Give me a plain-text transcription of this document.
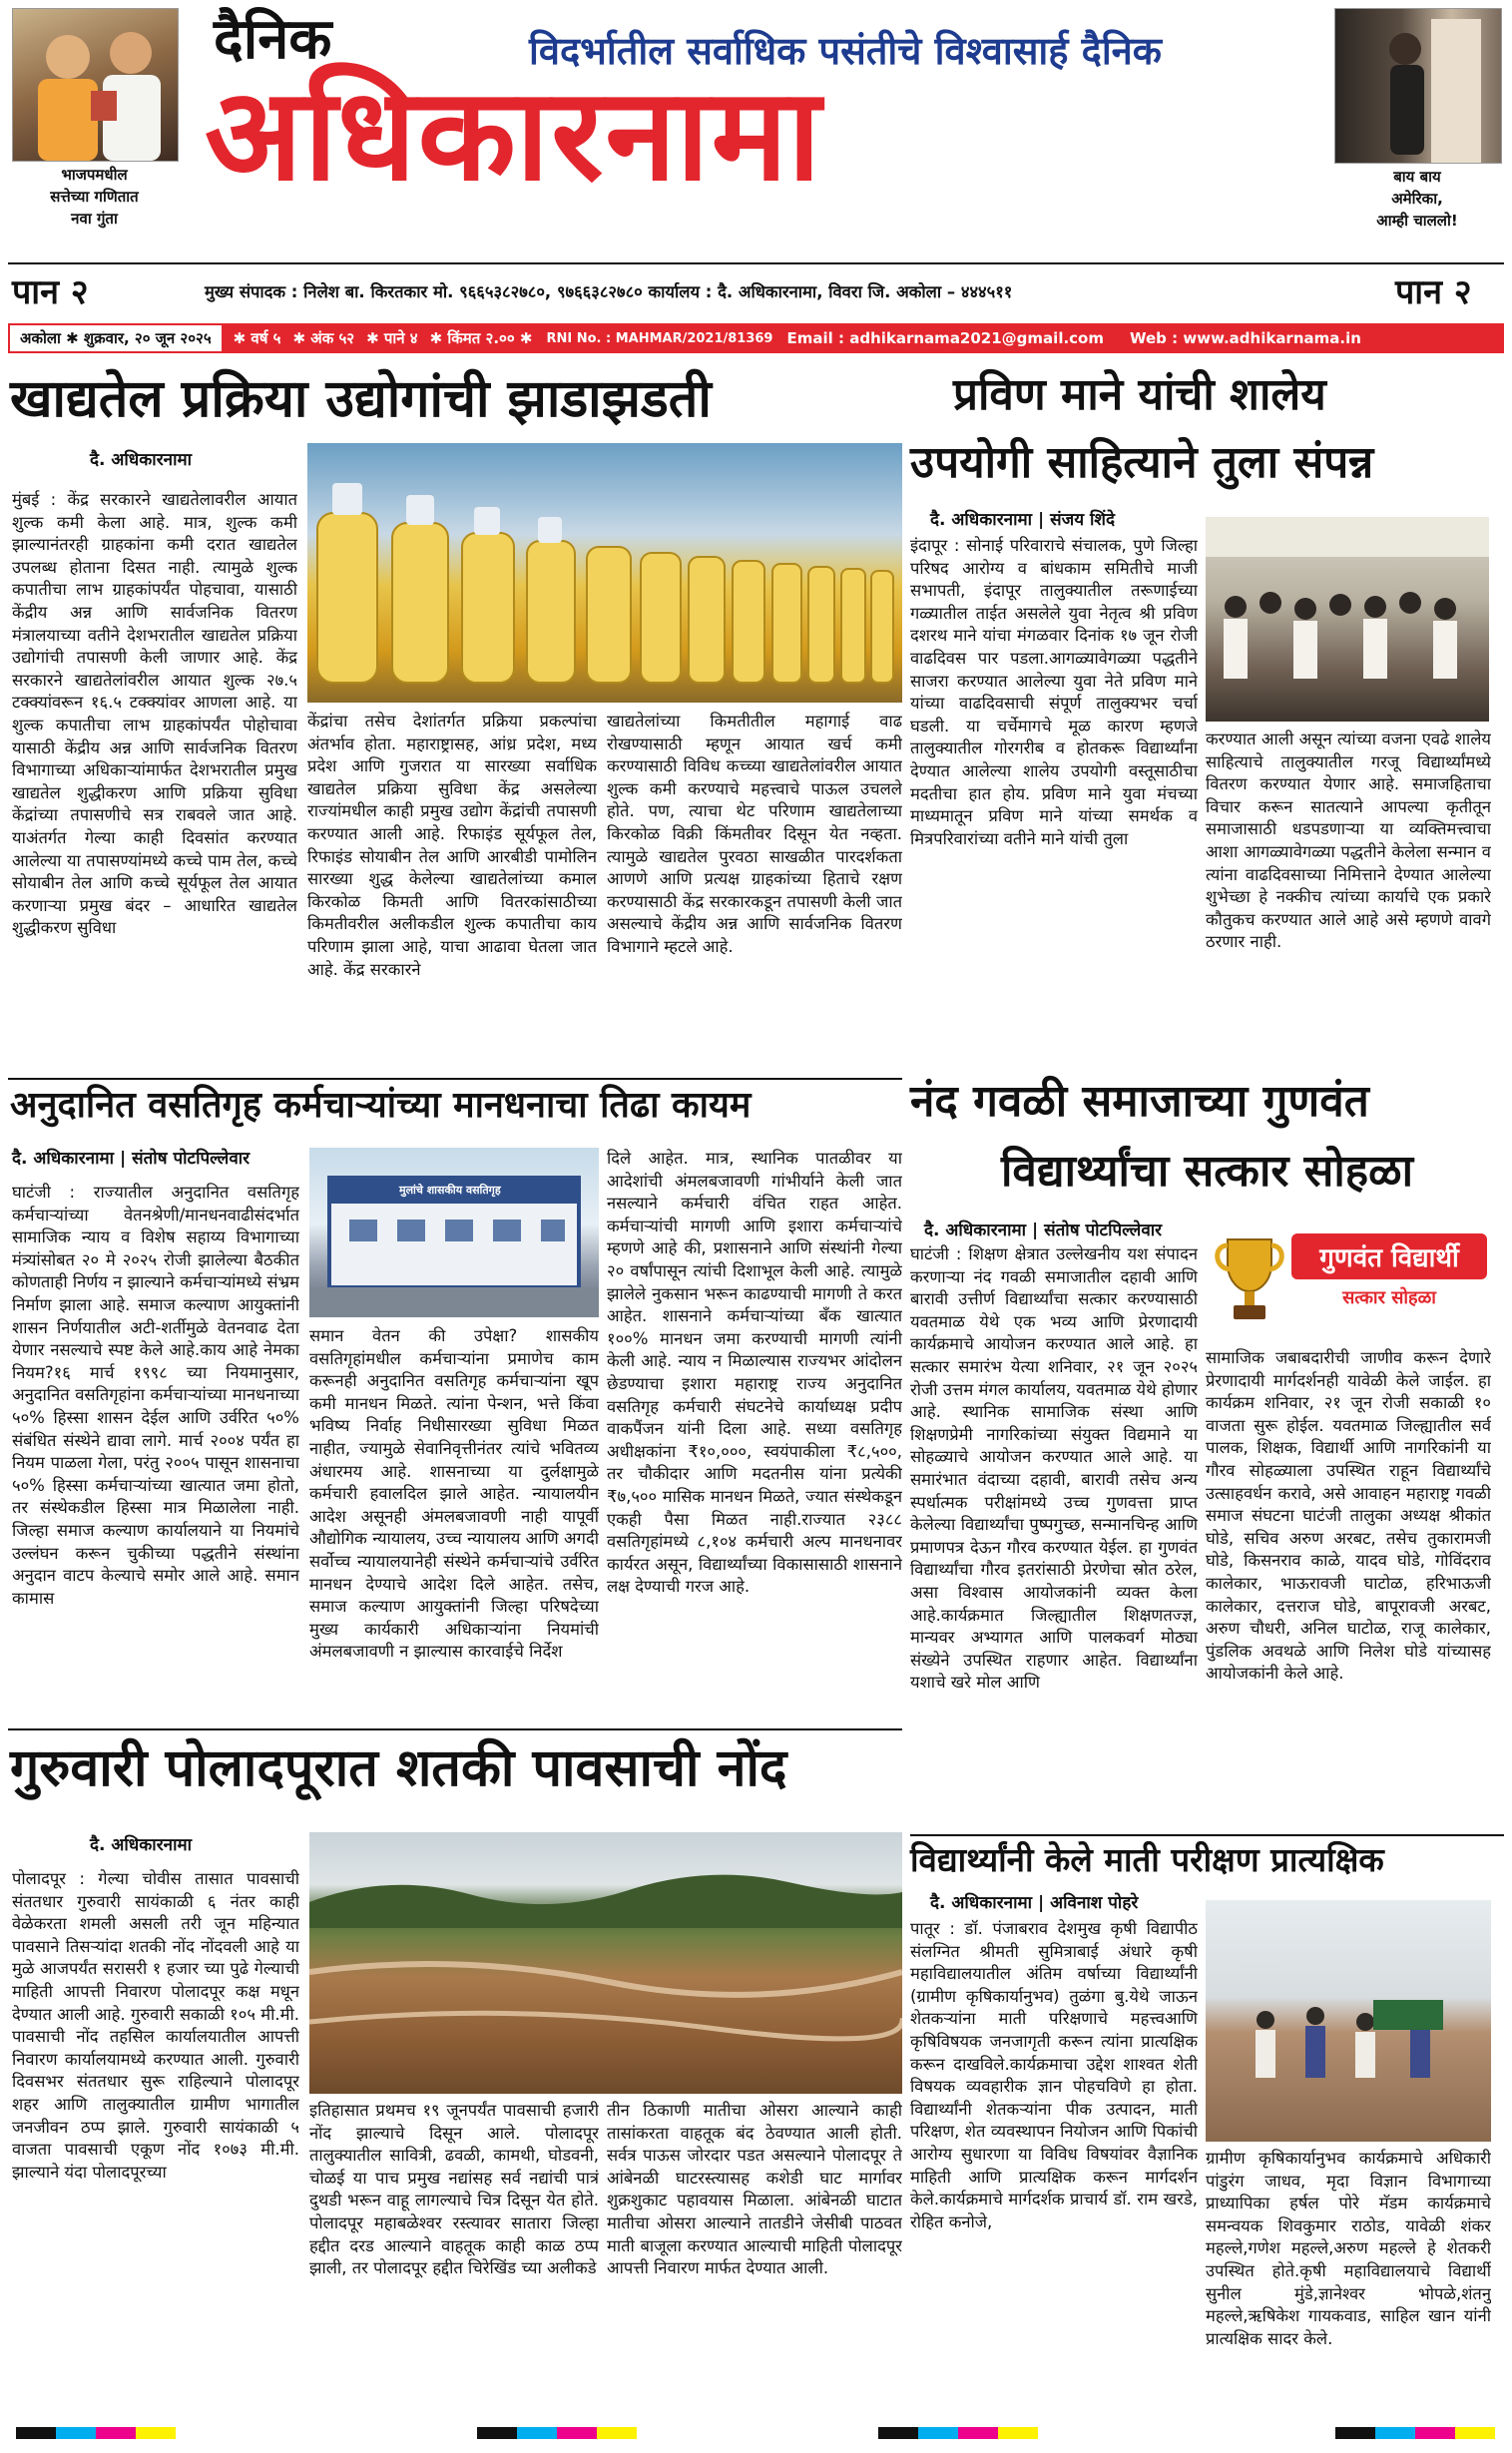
भाजपमधील
सत्तेच्या गणितात
नवा गुंता
दैनिक	विदर्भातील सर्वाधिक पसंतीचे विश्वासार्ह दैनिक
अधिकारनामा	बाय बाय
अमेरिका,
आम्ही चाललो!
पान २	मुख्य संपादक : निलेश बा. किरतकार मो. ९६६५३८२७८०, ९७६६३८२७८० कार्यालय : दै. अधिकारनामा, विवरा जि. अकोला – ४४४५११	पान २
अकोला ✱ शुक्रवार, २० जून २०२५	✱ वर्ष ५ ✱ अंक ५२ ✱ पाने ४ ✱ किंमत २.०० ✱ RNI No. : MAHMAR/2021/81369 Email : adhikarnama2021@gmail.com Web : www.adhikarnama.in
खाद्यतेल प्रक्रिया उद्योगांची झाडाझडती
दै. अधिकारनामा
मुंबई : केंद्र सरकारने खाद्यतेलावरील आयात शुल्क कमी केला आहे. मात्र, शुल्क कमी झाल्यानंतरही ग्राहकांना कमी दरात खाद्यतेल उपलब्ध होताना दिसत नाही. त्यामुळे शुल्क कपातीचा लाभ ग्राहकांपर्यंत पोहचावा, यासाठी केंद्रीय अन्न आणि सार्वजनिक वितरण मंत्रालयाच्या वतीने देशभरातील खाद्यतेल प्रक्रिया उद्योगांची तपासणी केली जाणार आहे. केंद्र सरकारने खाद्यतेलांवरील आयात शुल्क २७.५ टक्क्यांवरून १६.५ टक्क्यांवर आणला आहे. या शुल्क कपातीचा लाभ ग्राहकांपर्यंत पोहोचावा यासाठी केंद्रीय अन्न आणि सार्वजनिक वितरण विभागाच्या अधिकाऱ्यांमार्फत देशभरातील प्रमुख खाद्यतेल शुद्धीकरण आणि प्रक्रिया सुविधा केंद्रांच्या तपासणीचे सत्र राबवले जात आहे. याअंतर्गत गेल्या काही दिवसांत करण्यात आलेल्या या तपासण्यांमध्ये कच्चे पाम तेल, कच्चे सोयाबीन तेल आणि कच्चे सूर्यफूल तेल आयात करणाऱ्या प्रमुख बंदर – आधारित खाद्यतेल शुद्धीकरण सुविधा
केंद्रांचा तसेच देशांतर्गत प्रक्रिया प्रकल्पांचा अंतर्भाव होता. महाराष्ट्रासह, आंध्र प्रदेश, मध्य प्रदेश आणि गुजरात या सारख्या सर्वाधिक खाद्यतेल प्रक्रिया सुविधा केंद्र असलेल्या राज्यांमधील काही प्रमुख उद्योग केंद्रांची तपासणी करण्यात आली आहे. रिफाइंड सूर्यफूल तेल, रिफाइंड सोयाबीन तेल आणि आरबीडी पामोलिन सारख्या शुद्ध केलेल्या खाद्यतेलांच्या कमाल किरकोळ किमती आणि वितरकांसाठीच्या किमतीवरील अलीकडील शुल्क कपातीचा काय परिणाम झाला आहे, याचा आढावा घेतला जात आहे. केंद्र सरकारने
खाद्यतेलांच्या किमतीतील महागाई वाढ रोखण्यासाठी म्हणून आयात खर्च कमी करण्यासाठी विविध कच्च्या खाद्यतेलांवरील आयात शुल्क कमी करण्याचे महत्त्वाचे पाऊल उचलले होते. पण, त्याचा थेट परिणाम खाद्यतेलाच्या किरकोळ विक्री किंमतीवर दिसून येत नव्हता. त्यामुळे खाद्यतेल पुरवठा साखळीत पारदर्शकता आणणे आणि प्रत्यक्ष ग्राहकांच्या हिताचे रक्षण करण्यासाठी केंद्र सरकारकडून तपासणी केली जात असल्याचे केंद्रीय अन्न आणि सार्वजनिक वितरण विभागाने म्हटले आहे.
प्रविण माने यांची शालेय
उपयोगी साहित्याने तुला संपन्न
दै. अधिकारनामा | संजय शिंदे
इंदापूर : सोनाई परिवाराचे संचालक, पुणे जिल्हा परिषद आरोग्य व बांधकाम समितीचे माजी सभापती, इंदापूर तालुक्यातील तरूणाईच्या गळ्यातील ताईत असलेले युवा नेतृत्व श्री प्रविण दशरथ माने यांचा मंगळवार दिनांक १७ जून रोजी वाढदिवस पार पडला.आगळ्यावेगळ्या पद्धतीने साजरा करण्यात आलेल्या युवा नेते प्रविण माने यांच्या वाढदिवसाची संपूर्ण तालुक्यभर चर्चा घडली. या चर्चेमागचे मूळ कारण म्हणजे तालुक्यातील गोरगरीब व होतकरू विद्यार्थ्यांना देण्यात आलेल्या शालेय उपयोगी वस्तूसाठीचा मदतीचा हात होय. प्रविण माने युवा मंचच्या माध्यमातून प्रविण माने यांच्या समर्थक व मित्रपरिवारांच्या वतीने माने यांची तुला
करण्यात आली असून त्यांच्या वजना एवढे शालेय साहित्याचे तालुक्यातील गरजू विद्यार्थ्यांमध्ये वितरण करण्यात येणार आहे. समाजहिताचा विचार करून सातत्याने आपल्या कृतीतून समाजासाठी धडपडणाऱ्या या व्यक्तिमत्त्वाचा आशा आगळ्यावेगळ्या पद्धतीने केलेला सन्मान व त्यांना वाढदिवसाच्या निमित्ताने देण्यात आलेल्या शुभेच्छा हे नक्कीच त्यांच्या कार्याचे एक प्रकारे कौतुकच करण्यात आले आहे असे म्हणणे वावगे ठरणार नाही.
अनुदानित वसतिगृह कर्मचाऱ्यांच्या मानधनाचा तिढा कायम
दै. अधिकारनामा | संतोष पोटपिल्लेवार
मुलांचे शासकीय वसतिगृह
घाटंजी : राज्यातील अनुदानित वसतिगृह कर्मचाऱ्यांच्या वेतनश्रेणी/मानधनवाढीसंदर्भात सामाजिक न्याय व विशेष सहाय्य विभागाच्या मंत्र्यांसोबत २० मे २०२५ रोजी झालेल्या बैठकीत कोणताही निर्णय न झाल्याने कर्मचाऱ्यांमध्ये संभ्रम निर्माण झाला आहे. समाज कल्याण आयुक्तांनी शासन निर्णयातील अटी-शर्तीमुळे वेतनवाढ देता येणार नसल्याचे स्पष्ट केले आहे.काय आहे नेमका नियम?१६ मार्च १९९८ च्या नियमानुसार, अनुदानित वसतिगृहांना कर्मचाऱ्यांच्या मानधनाच्या ५०% हिस्सा शासन देईल आणि उर्वरित ५०% संबंधित संस्थेने द्यावा लागे. मार्च २००४ पर्यंत हा नियम पाळला गेला, परंतु २००५ पासून शासनाचा ५०% हिस्सा कर्मचाऱ्यांच्या खात्यात जमा होतो, तर संस्थेकडील हिस्सा मात्र मिळालेला नाही. जिल्हा समाज कल्याण कार्यालयाने या नियमांचे उल्लंघन करून चुकीच्या पद्धतीने संस्थांना अनुदान वाटप केल्याचे समोर आले आहे. समान कामास
समान वेतन की उपेक्षा? शासकीय वसतिगृहांमधील कर्मचाऱ्यांना प्रमाणेच काम करूनही अनुदानित वसतिगृह कर्मचाऱ्यांना खूप कमी मानधन मिळते. त्यांना पेन्शन, भत्ते किंवा भविष्य निर्वाह निधीसारख्या सुविधा मिळत नाहीत, ज्यामुळे सेवानिवृत्तीनंतर त्यांचे भवितव्य अंधारमय आहे. शासनाच्या या दुर्लक्षामुळे कर्मचारी हवालदिल झाले आहेत. न्यायालयीन आदेश असूनही अंमलबजावणी नाही यापूर्वी औद्योगिक न्यायालय, उच्च न्यायालय आणि अगदी सर्वोच्च न्यायालयानेही संस्थेने कर्मचाऱ्यांचे उर्वरित मानधन देण्याचे आदेश दिले आहेत. तसेच, समाज कल्याण आयुक्तांनी जिल्हा परिषदेच्या मुख्य कार्यकारी अधिकाऱ्यांना नियमांची अंमलबजावणी न झाल्यास कारवाईचे निर्देश
दिले आहेत. मात्र, स्थानिक पातळीवर या आदेशांची अंमलबजावणी गांभीर्याने केली जात नसल्याने कर्मचारी वंचित राहत आहेत. कर्मचाऱ्यांची मागणी आणि इशारा कर्मचाऱ्यांचे म्हणणे आहे की, प्रशासनाने आणि संस्थांनी गेल्या २० वर्षांपासून त्यांची दिशाभूल केली आहे. त्यामुळे झालेले नुकसान भरून काढण्याची मागणी ते करत आहेत. शासनाने कर्मचाऱ्यांच्या बँक खात्यात १००% मानधन जमा करण्याची मागणी त्यांनी केली आहे. न्याय न मिळाल्यास राज्यभर आंदोलन छेडण्याचा इशारा महाराष्ट्र राज्य अनुदानित वसतिगृह कर्मचारी संघटनेचे कार्याध्यक्ष प्रदीप वाकपैंजन यांनी दिला आहे. सध्या वसतिगृह अधीक्षकांना ₹१०,०००, स्वयंपाकीला ₹८,५००, तर चौकीदार आणि मदतनीस यांना प्रत्येकी ₹७,५०० मासिक मानधन मिळते, ज्यात संस्थेकडून एकही पैसा मिळत नाही.राज्यात २३८८ वसतिगृहांमध्ये ८,१०४ कर्मचारी अल्प मानधनावर कार्यरत असून, विद्यार्थ्यांच्या विकासासाठी शासनाने लक्ष देण्याची गरज आहे.
नंद गवळी समाजाच्या गुणवंत
विद्यार्थ्यांचा सत्कार सोहळा
दै. अधिकारनामा | संतोष पोटपिल्लेवार
गुणवंत विद्यार्थी
सत्कार सोहळा
घाटंजी : शिक्षण क्षेत्रात उल्लेखनीय यश संपादन करणाऱ्या नंद गवळी समाजातील दहावी आणि बारावी उत्तीर्ण विद्यार्थ्यांचा सत्कार करण्यासाठी यवतमाळ येथे एक भव्य आणि प्रेरणादायी कार्यक्रमाचे आयोजन करण्यात आले आहे. हा सत्कार समारंभ येत्या शनिवार, २१ जून २०२५ रोजी उत्तम मंगल कार्यालय, यवतमाळ येथे होणार आहे. स्थानिक सामाजिक संस्था आणि शिक्षणप्रेमी नागरिकांच्या संयुक्त विद्यमाने या सोहळ्याचे आयोजन करण्यात आले आहे. या समारंभात वंदाच्या दहावी, बारावी तसेच अन्य स्पर्धात्मक परीक्षांमध्ये उच्च गुणवत्ता प्राप्त केलेल्या विद्यार्थ्यांचा पुष्पगुच्छ, सन्मानचिन्ह आणि प्रमाणपत्र देऊन गौरव करण्यात येईल. हा गुणवंत विद्यार्थ्यांचा गौरव इतरांसाठी प्रेरणेचा स्रोत ठरेल, असा विश्वास आयोजकांनी व्यक्त केला आहे.कार्यक्रमात जिल्ह्यातील शिक्षणतज्ज्ञ, मान्यवर अभ्यागत आणि पालकवर्ग मोठ्या संख्येने उपस्थित राहणार आहेत. विद्यार्थ्यांना यशाचे खरे मोल आणि
सामाजिक जबाबदारीची जाणीव करून देणारे प्रेरणादायी मार्गदर्शनही यावेळी केले जाईल. हा कार्यक्रम शनिवार, २१ जून रोजी सकाळी १० वाजता सुरू होईल. यवतमाळ जिल्ह्यातील सर्व पालक, शिक्षक, विद्यार्थी आणि नागरिकांनी या गौरव सोहळ्याला उपस्थित राहून विद्यार्थ्यांचे उत्साहवर्धन करावे, असे आवाहन महाराष्ट्र गवळी समाज संघटना घाटंजी तालुका अध्यक्ष श्रीकांत घोडे, सचिव अरुण अरबट, तसेच तुकारामजी घोडे, किसनराव काळे, यादव घोडे, गोविंदराव कालेकार, भाऊरावजी घाटोळ, हरिभाऊजी कालेकार, दत्तराज घोडे, बापूरावजी अरबट, अरुण चौधरी, अनिल घाटोळ, राजू कालेकार, पुंडलिक अवथळे आणि निलेश घोडे यांच्यासह आयोजकांनी केले आहे.
गुरुवारी पोलादपूरात शतकी पावसाची नोंद
दै. अधिकारनामा
पोलादपूर : गेल्या चोवीस तासात पावसाची संततधार गुरुवारी सायंकाळी ६ नंतर काही वेळेकरता शमली असली तरी जून महिन्यात पावसाने तिसऱ्यांदा शतकी नोंद नोंदवली आहे या मुळे आजपर्यंत सरासरी १ हजार च्या पुढे गेल्याची माहिती आपत्ती निवारण पोलादपूर कक्ष मधून देण्यात आली आहे. गुरुवारी सकाळी १०५ मी.मी. पावसाची नोंद तहसिल कार्यालयातील आपत्ती निवारण कार्यालयामध्ये करण्यात आली. गुरुवारी दिवसभर संततधार सुरू राहिल्याने पोलादपूर शहर आणि तालुक्यातील ग्रामीण भागातील जनजीवन ठप्प झाले. गुरुवारी सायंकाळी ५ वाजता पावसाची एकूण नोंद १०७३ मी.मी. झाल्याने यंदा पोलादपूरच्या
इतिहासात प्रथमच १९ जूनपर्यंत पावसाची हजारी नोंद झाल्याचे दिसून आले. पोलादपूर तालुक्यातील सावित्री, ढवळी, कामथी, घोडवनी, चोळई या पाच प्रमुख नद्यांसह सर्व नद्यांची पात्रं दुथडी भरून वाहू लागल्याचे चित्र दिसून येत होते. पोलादपूर महाबळेश्वर रस्त्यावर सातारा जिल्हा हद्दीत दरड आल्याने वाहतूक काही काळ ठप्प झाली, तर पोलादपूर हद्दीत चिरेखिंड च्या अलीकडे
तीन ठिकाणी मातीचा ओसरा आल्याने काही तासांकरता वाहतूक बंद ठेवण्यात आली होती. सर्वत्र पाऊस जोरदार पडत असल्याने पोलादपूर ते आंबेनळी घाटरस्त्यासह कशेडी घाट मार्गावर शुक्रशुकाट पहावयास मिळाला. आंबेनळी घाटात मातीचा ओसरा आल्याने तातडीने जेसीबी पाठवत माती बाजूला करण्यात आल्याची माहिती पोलादपूर आपत्ती निवारण मार्फत देण्यात आली.
विद्यार्थ्यांनी केले माती परीक्षण प्रात्यक्षिक
दै. अधिकारनामा | अविनाश पोहरे
पातूर : डॉ. पंजाबराव देशमुख कृषी विद्यापीठ संलग्नित श्रीमती सुमित्राबाई अंधारे कृषी महाविद्यालयातील अंतिम वर्षाच्या विद्यार्थ्यांनी (ग्रामीण कृषिकार्यानुभव) तुळंगा बु.येथे जाऊन शेतकऱ्यांना माती परिक्षणाचे महत्त्वआणि कृषिविषयक जनजागृती करून त्यांना प्रात्यक्षिक करून दाखविले.कार्यक्रमाचा उद्देश शाश्वत शेती विषयक व्यवहारीक ज्ञान पोहचविणे हा होता. विद्यार्थ्यांनी शेतकऱ्यांना पीक उत्पादन, माती परिक्षण, शेत व्यवस्थापन नियोजन आणि पिकांची आरोग्य सुधारणा या विविध विषयांवर वैज्ञानिक माहिती आणि प्रात्यक्षिक करून मार्गदर्शन केले.कार्यक्रमाचे मार्गदर्शक प्राचार्य डॉ. राम खरडे, रोहित कनोजे,
ग्रामीण कृषिकार्यानुभव कार्यक्रमाचे अधिकारी पांडुरंग जाधव, मृदा विज्ञान विभागाच्या प्राध्यापिका हर्षल पोरे मॅडम कार्यक्रमाचे समन्वयक शिवकुमार राठोड, यावेळी शंकर महल्ले,गणेश महल्ले,अरुण महल्ले हे शेतकरी उपस्थित होते.कृषी महाविद्यालयाचे विद्यार्थी सुनील मुंडे,ज्ञानेश्वर भोपळे,शंतनु महल्ले,ऋषिकेश गायकवाड, साहिल खान यांनी प्रात्यक्षिक सादर केले.
